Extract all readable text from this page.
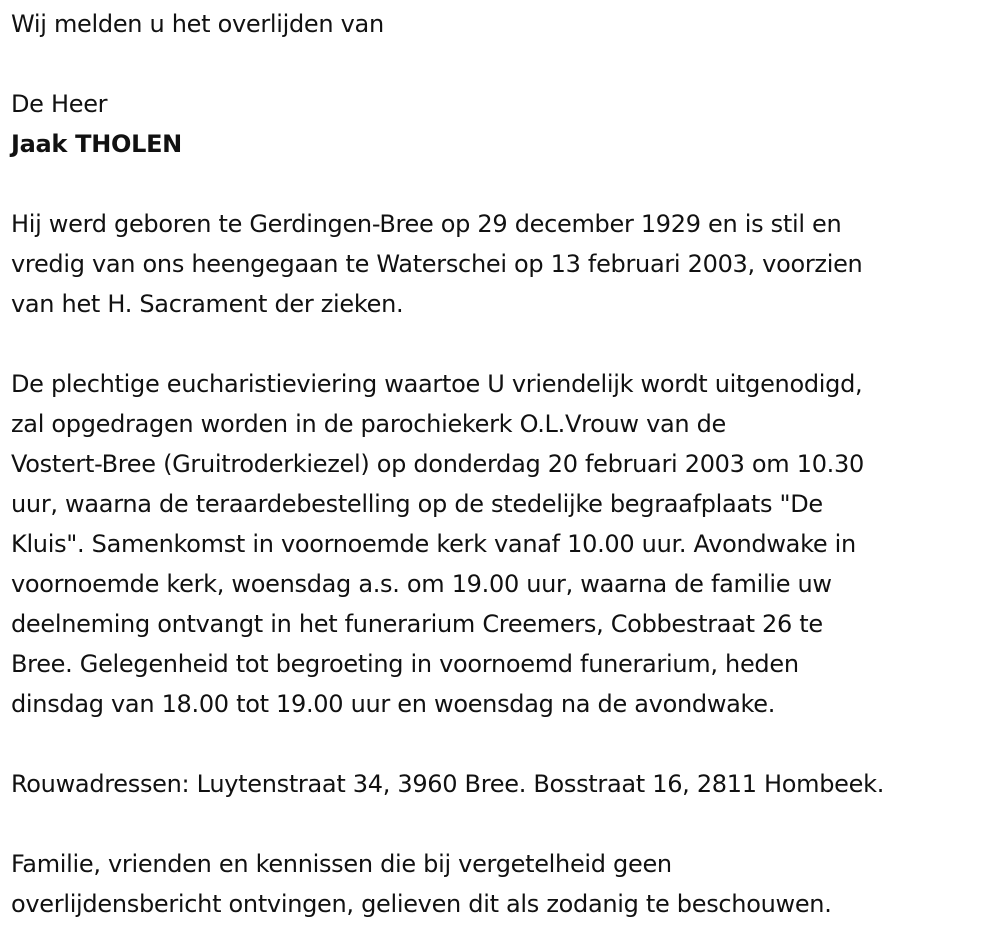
Wij melden u het overlijden van

De Heer

Jaak THOLEN

Hij werd geboren te Gerdingen-Bree op 29 december 1929 en is stil en
vredig van ons heengegaan te Waterschei op 13 februari 2003, voorzien
van het H. Sacrament der zieken.
De plechtige eucharistieviering waartoe U vriendelijk wordt uitgenodigd,
zal opgedragen worden in de parochiekerk O.L.Vrouw van de
Vostert-Bree (Gruitroderkiezel) op donderdag 20 februari 2003 om 10.30
uur, waarna de teraardebestelling op de stedelijke begraafplaats "De
Kluis". Samenkomst in voornoemde kerk vanaf 10.00 uur. Avondwake in
voornoemde kerk, woensdag a.s. om 19.00 uur, waarna de familie uw
deelneming ontvangt in het funerarium Creemers, Cobbestraat 26 te
Bree. Gelegenheid tot begroeting in voornoemd funerarium, heden
dinsdag van 18.00 tot 19.00 uur en woensdag na de avondwake.

Rouwadressen: Luytenstraat 34, 3960 Bree. Bosstraat 16, 2811 Hombeek.

Familie, vrienden en kennissen die bij vergetelheid geen
overlijdensbericht ontvingen, gelieven dit als zodanig te beschouwen.
